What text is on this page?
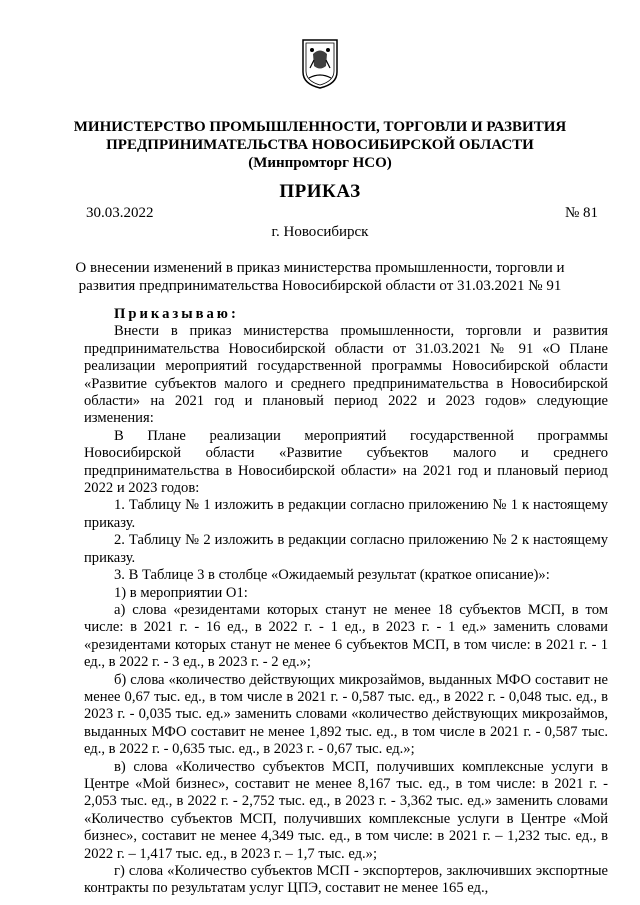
МИНИСТЕРСТВО ПРОМЫШЛЕННОСТИ, ТОРГОВЛИ И РАЗВИТИЯ
ПРЕДПРИНИМАТЕЛЬСТВА НОВОСИБИРСКОЙ ОБЛАСТИ
(Минпромторг НСО)
ПРИКАЗ
30.03.2022	№ 81
г. Новосибирск
О внесении изменений в приказ министерства промышленности, торговли и развития предпринимательства Новосибирской области от 31.03.2021 № 91

Приказываю:

Внести в приказ министерства промышленности, торговли и развития предпринимательства Новосибирской области от 31.03.2021 № 91 «О Плане реализации мероприятий государственной программы Новосибирской области «Развитие субъектов малого и среднего предпринимательства в Новосибирской области» на 2021 год и плановый период 2022 и 2023 годов» следующие изменения:

В Плане реализации мероприятий государственной программы Новосибирской области «Развитие субъектов малого и среднего предпринимательства в Новосибирской области» на 2021 год и плановый период 2022 и 2023 годов:

1. Таблицу № 1 изложить в редакции согласно приложению № 1 к настоящему приказу.

2. Таблицу № 2 изложить в редакции согласно приложению № 2 к настоящему приказу.

3. В Таблице 3 в столбце «Ожидаемый результат (краткое описание)»:

1) в мероприятии О1:

а) слова «резидентами которых станут не менее 18 субъектов МСП, в том числе: в 2021 г. - 16 ед., в 2022 г. - 1 ед., в 2023 г. - 1 ед.» заменить словами «резидентами которых станут не менее 6 субъектов МСП, в том числе: в 2021 г. - 1 ед., в 2022 г. - 3 ед., в 2023 г. - 2 ед.»;

б) слова «количество действующих микрозаймов, выданных МФО составит не менее 0,67 тыс. ед., в том числе в 2021 г. - 0,587 тыс. ед., в 2022 г. - 0,048 тыс. ед., в 2023 г. - 0,035 тыс. ед.» заменить словами «количество действующих микрозаймов, выданных МФО составит не менее 1,892 тыс. ед., в том числе в 2021 г. - 0,587 тыс. ед., в 2022 г. - 0,635 тыс. ед., в 2023 г. - 0,67 тыс. ед.»;

в) слова «Количество субъектов МСП, получивших комплексные услуги в Центре «Мой бизнес», составит не менее 8,167 тыс. ед., в том числе: в 2021 г. - 2,053 тыс. ед., в 2022 г. - 2,752 тыс. ед., в 2023 г. - 3,362 тыс. ед.» заменить словами «Количество субъектов МСП, получивших комплексные услуги в Центре «Мой бизнес», составит не менее 4,349 тыс. ед., в том числе: в 2021 г. – 1,232 тыс. ед., в 2022 г. – 1,417 тыс. ед., в 2023 г. – 1,7 тыс. ед.»;

г) слова «Количество субъектов МСП - экспортеров, заключивших экспортные контракты по результатам услуг ЦПЭ, составит не менее 165 ед.,
